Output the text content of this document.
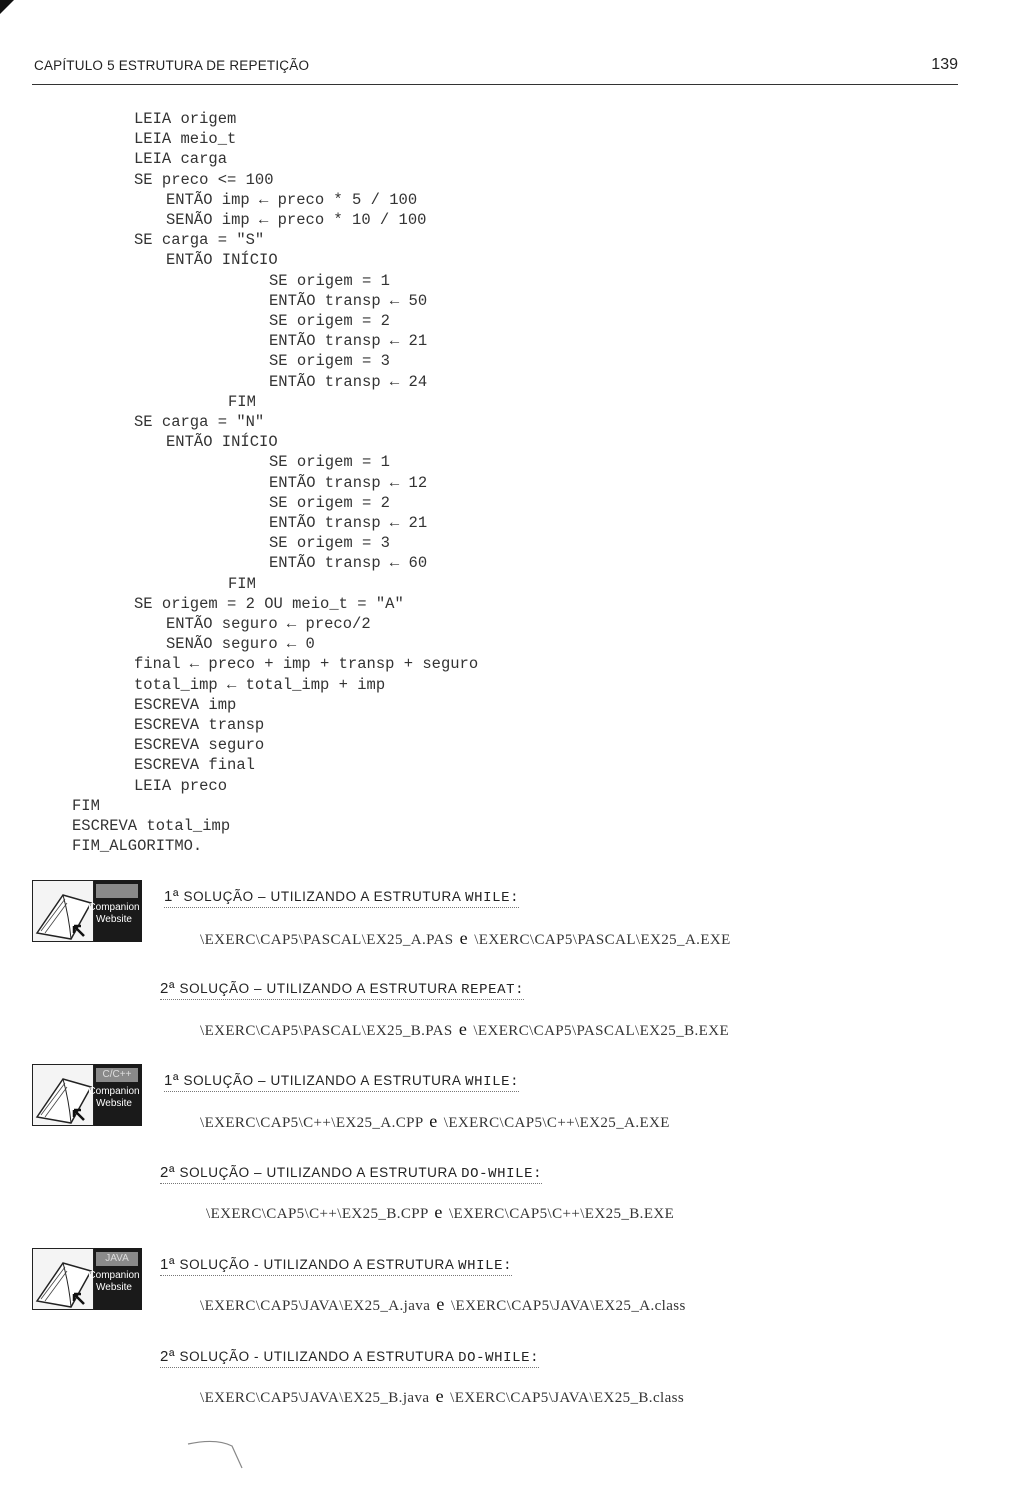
CAPÍTULO 5 ESTRUTURA DE REPETIÇÃO	139
LEIA origem
LEIA meio_t
LEIA carga
SE preco <= 100
ENTÃO imp ← preco * 5 / 100
SENÃO imp ← preco * 10 / 100
SE carga = "S"
ENTÃO INÍCIO
SE origem = 1
ENTÃO transp ← 50
SE origem = 2
ENTÃO transp ← 21
SE origem = 3
ENTÃO transp ← 24
FIM
SE carga = "N"
ENTÃO INÍCIO
SE origem = 1
ENTÃO transp ← 12
SE origem = 2
ENTÃO transp ← 21
SE origem = 3
ENTÃO transp ← 60
FIM
SE origem = 2 OU meio_t = "A"
ENTÃO seguro ← preco/2
SENÃO seguro ← 0
final ← preco + imp + transp + seguro
total_imp ← total_imp + imp
ESCREVA imp
ESCREVA transp
ESCREVA seguro
ESCREVA final
LEIA preco
FIM
ESCREVA total_imp
FIM_ALGORITMO.
Companion Website
1ª SOLUÇÃO – UTILIZANDO A ESTRUTURA WHILE:
\EXERC\CAP5\PASCAL\EX25_A.PAS e \EXERC\CAP5\PASCAL\EX25_A.EXE
2ª SOLUÇÃO – UTILIZANDO A ESTRUTURA REPEAT:
\EXERC\CAP5\PASCAL\EX25_B.PAS e \EXERC\CAP5\PASCAL\EX25_B.EXE
C/C++
Companion Website
1ª SOLUÇÃO – UTILIZANDO A ESTRUTURA WHILE:
\EXERC\CAP5\C++\EX25_A.CPP e \EXERC\CAP5\C++\EX25_A.EXE
2ª SOLUÇÃO – UTILIZANDO A ESTRUTURA DO-WHILE:
\EXERC\CAP5\C++\EX25_B.CPP e \EXERC\CAP5\C++\EX25_B.EXE
JAVA
Companion Website
1ª SOLUÇÃO - UTILIZANDO A ESTRUTURA WHILE:
\EXERC\CAP5\JAVA\EX25_A.java e \EXERC\CAP5\JAVA\EX25_A.class
2ª SOLUÇÃO - UTILIZANDO A ESTRUTURA DO-WHILE:
\EXERC\CAP5\JAVA\EX25_B.java e \EXERC\CAP5\JAVA\EX25_B.class
